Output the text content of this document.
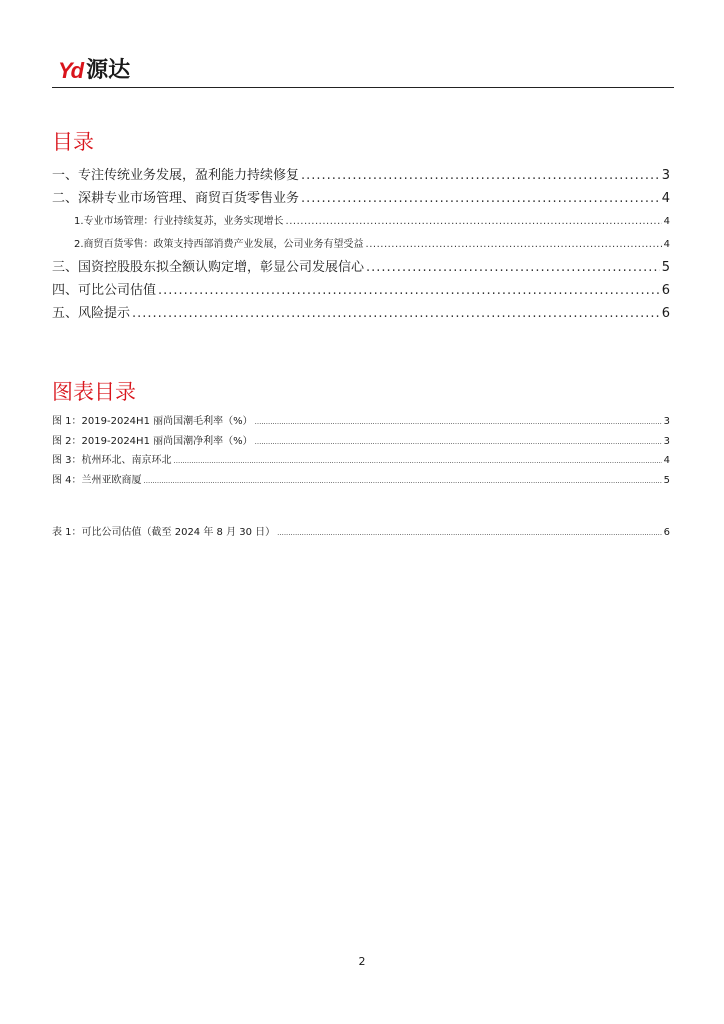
Yd 源达
目录
一、专注传统业务发展，盈利能力持续修复 .....	3
二、深耕专业市场管理、商贸百货零售业务 .....	4
1.专业市场管理：行业持续复苏，业务实现增长 .....	4
2.商贸百货零售：政策支持西部消费产业发展，公司业务有望受益 .....	4
三、国资控股股东拟全额认购定增，彰显公司发展信心 .....	5
四、可比公司估值 .....	6
五、风险提示 .....	6
图表目录
图 1：2019-2024H1 丽尚国潮毛利率（%） .....	3
图 2：2019-2024H1 丽尚国潮净利率（%） .....	3
图 3：杭州环北、南京环北 .....	4
图 4：兰州亚欧商厦 .....	5
表 1：可比公司估值（截至 2024 年 8 月 30 日） .....	6
2
